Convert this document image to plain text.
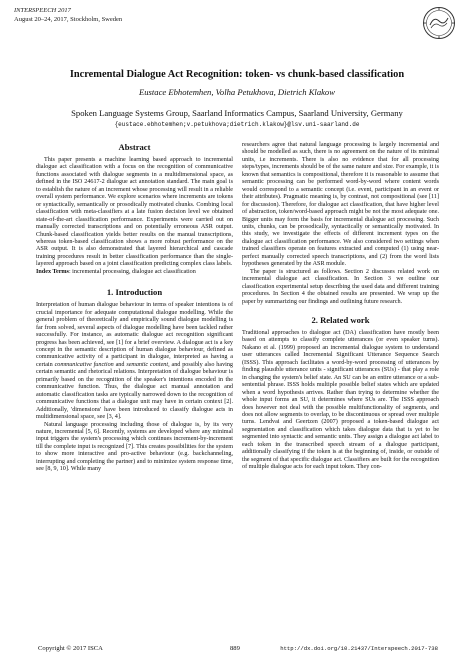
INTERSPEECH 2017
August 20–24, 2017, Stockholm, Sweden
Incremental Dialogue Act Recognition: token- vs chunk-based classification
Eustace Ebhotemhen, Volha Petukhova, Dietrich Klakow
Spoken Language Systems Group, Saarland Informatics Campus, Saarland University, Germany
{eustace.ebhotemhen;v.petukhova;dietrich.klakow}@lsv.uni-saarland.de
Abstract

This paper presents a machine learning based approach to incremental dialogue act classification with a focus on the recognition of communicative functions associated with dialogue segments in a multidimensional space, as defined in the ISO 24617-2 dialogue act annotation standard. The main goal is to establish the nature of an increment whose processing will result in a reliable overall system performance. We explore scenarios where increments are tokens or syntactically, semantically or prosodically motivated chunks. Combing local classification with meta-classifiers at a late fusion decision level we obtained state-of-the-art classification performance. Experiments were carried out on manually corrected transcriptions and on potentially erroneous ASR output. Chunk-based classification yields better results on the manual transcriptions, whereas token-based classification shows a more robust performance on the ASR output. It is also demonstrated that layered hierarchical and cascade training procedures result in better classification performance than the single-layered approach based on a joint classification predicting complex class labels.

Index Terms: incremental processing, dialogue act classification

1. Introduction

Interpretation of human dialogue behaviour in terms of speaker intentions is of crucial importance for adequate computational dialogue modelling. While the general problem of theoretically and empirically sound dialogue modelling is far from solved, several aspects of dialogue modelling have been tackled rather successfully. For instance, as automatic dialogue act recognition significant progress has been achieved, see [1] for a brief overview. A dialogue act is a key concept in the semantic description of human dialogue behaviour, defined as communicative activity of a participant in dialogue, interpreted as having a certain communicative function and semantic content, and possibly also having certain semantic and rhetorical relations. Interpretation of dialogue behaviour is primarily based on the recognition of the speaker's intentions encoded in the communicative function. Thus, the dialogue act manual annotation and automatic classification tasks are typically narrowed down to the recognition of communicative functions that a dialogue unit may have in certain context [2]. Additionally, 'dimensions' have been introduced to classify dialogue acts in multidimensional space, see [3, 4].

Natural language processing including those of dialogue is, by its very nature, incremental [5, 6]. Recently, systems are developed where any minimal input triggers the system's processing which continues increment-by-increment till the complete input is recognized [7]. This creates possibilities for the system to show more interactive and pro-active behaviour (e.g. backchanneling, interrupting and completing the partner) and to minimize system response time, see [8, 9, 10]. While many

researchers agree that natural language processing is largely incremental and should be modelled as such, there is no agreement on the nature of its minimal units, i.e increments. There is also no evidence that for all processing steps/types, increments should be of the same nature and size. For example, it is known that semantics is compositional, therefore it is reasonable to assume that semantic processing can be performed word-by-word where content words would correspond to a semantic concept (i.e. event, participant in an event or their attributes). Pragmatic meaning is, by contrast, not compositional (see [11] for discussion). Therefore, for dialogue act classification, that have higher level of abstraction, token/word-based approach might be not the most adequate one. Bigger units may form the basis for incremental dialogue act processing. Such units, chunks, can be prosodically, syntactically or semantically motivated. In this study, we investigate the effects of different increment types on the dialogue act classification performance. We also considered two settings when trained classifiers operate on features extracted and computed (1) using near-perfect manually corrected speech transcriptions, and (2) from the word lists hypotheses generated by the ASR module.

The paper is structured as follows. Section 2 discusses related work on incremental dialogue act classification. In Section 3 we outline our classification experimental setup describing the used data and different training procedures. In Section 4 the obtained results are presented. We wrap up the paper by summarizing our findings and outlining future research.

2. Related work

Traditional approaches to dialogue act (DA) classification have mostly been based on attempts to classify complete utterances (or even speaker turns). Nakano et al. (1999) proposed an incremental dialogue system to understand user utterances called Incremental Significant Utterance Sequence Search (ISSS). This approach facilitates a word-by-word processing of utterances by finding plausible utterance units - significant utterances (SUs) - that play a role in changing the system's belief state. An SU can be an entire utterance or a sub-sentential phrase. ISSS holds multiple possible belief states which are updated when a word hypothesis arrives. Rather than trying to determine whether the whole input forms an SU, it determines where SUs are. The ISSS approach does however not deal with the possible multifunctionality of segments, and does not allow segments to overlap, to be discontinuous or spread over multiple turns. Lendvai and Geertzen (2007) proposed a token-based dialogue act segmentation and classification which takes dialogue data that is yet to be segmented into syntactic and semantic units. They assign a dialogue act label to each token in the transcribed speech stream of a dialogue participant, additionally classifying if the token is at the beginning of, inside, or outside of the segment of that specific dialogue act. Classifiers are built for the recognition of multiple dialogue acts for each input token. They con-

Copyright © 2017 ISCA	889	http://dx.doi.org/10.21437/Interspeech.2017-738
